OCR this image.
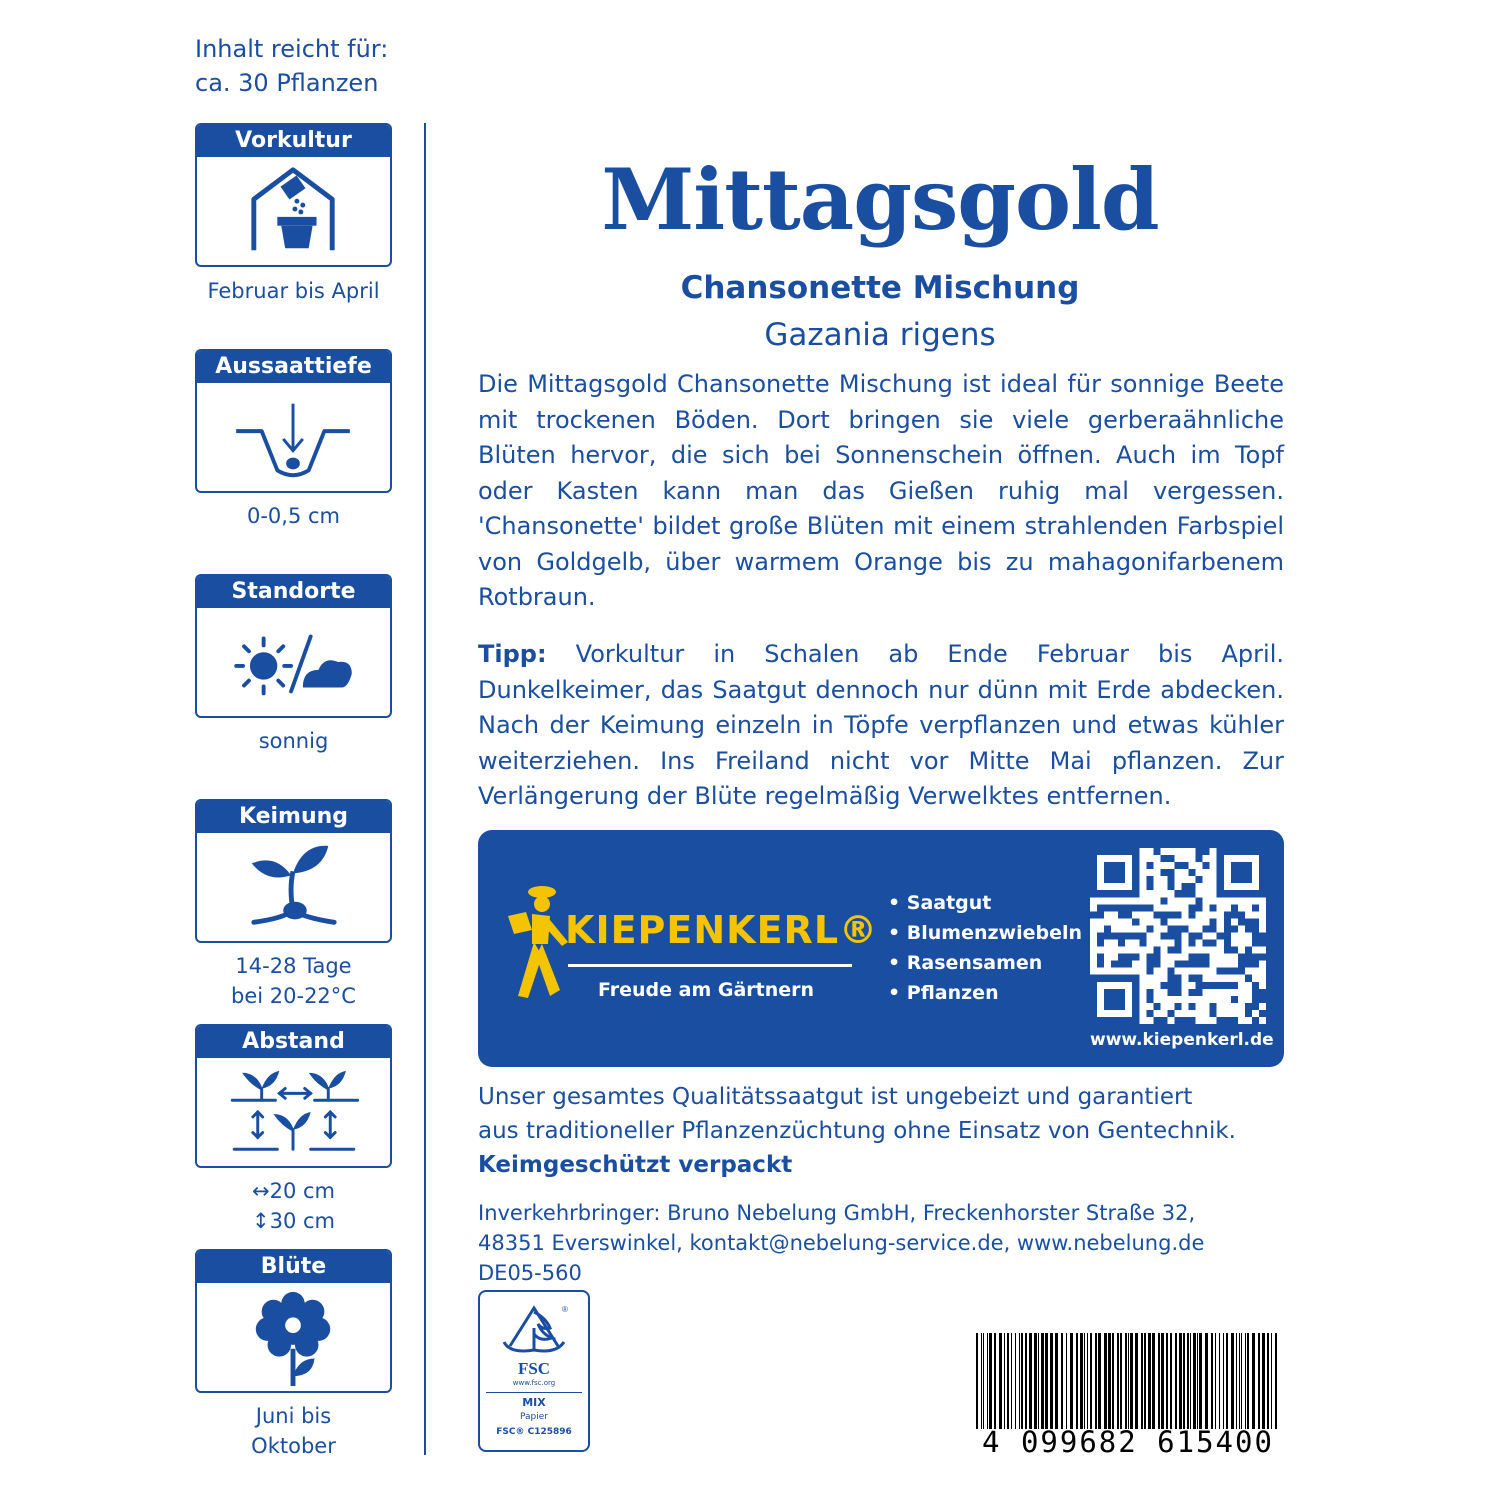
Inhalt reicht für:
ca. 30 Pflanzen
Vorkultur
Februar bis April
Aussaattiefe
0-0,5 cm
Standorte
sonnig
Keimung
14-28 Tage
bei 20-22°C
Abstand
↔20 cm
↕30 cm
Blüte
Juni bis
Oktober
Mittagsgold
Chansonette Mischung
Gazania rigens

Die Mittagsgold Chansonette Mischung ist ideal für sonnige Beete mit trockenen Böden. Dort bringen sie viele gerberaähnliche Blüten hervor, die sich bei Sonnenschein öffnen. Auch im Topf oder Kasten kann man das Gießen ruhig mal vergessen. 'Chansonette' bildet große Blüten mit einem strahlenden Farbspiel von Goldgelb, über warmem Orange bis zu mahagonifarbenem Rotbraun.

Tipp: Vorkultur in Schalen ab Ende Februar bis April. Dunkelkeimer, das Saatgut dennoch nur dünn mit Erde abdecken. Nach der Keimung einzeln in Töpfe verpflanzen und etwas kühler weiterziehen. Ins Freiland nicht vor Mitte Mai pflanzen. Zur Verlängerung der Blüte regelmäßig Verwelktes entfernen.

KIEPENKERL®
Freude am Gärtnern
• Saatgut
• Blumenzwiebeln
• Rasensamen
• Pflanzen
www.kiepenkerl.de
Unser gesamtes Qualitätssaatgut ist ungebeizt und garantiert
aus traditioneller Pflanzenzüchtung ohne Einsatz von Gentechnik.
Keimgeschützt verpackt
Inverkehrbringer: Bruno Nebelung GmbH, Freckenhorster Straße 32,
48351 Everswinkel, kontakt@nebelung-service.de, www.nebelung.de
DE05-560
®
FSC
www.fsc.org
MIX
Papier
FSC® C125896	4 099682 615400
